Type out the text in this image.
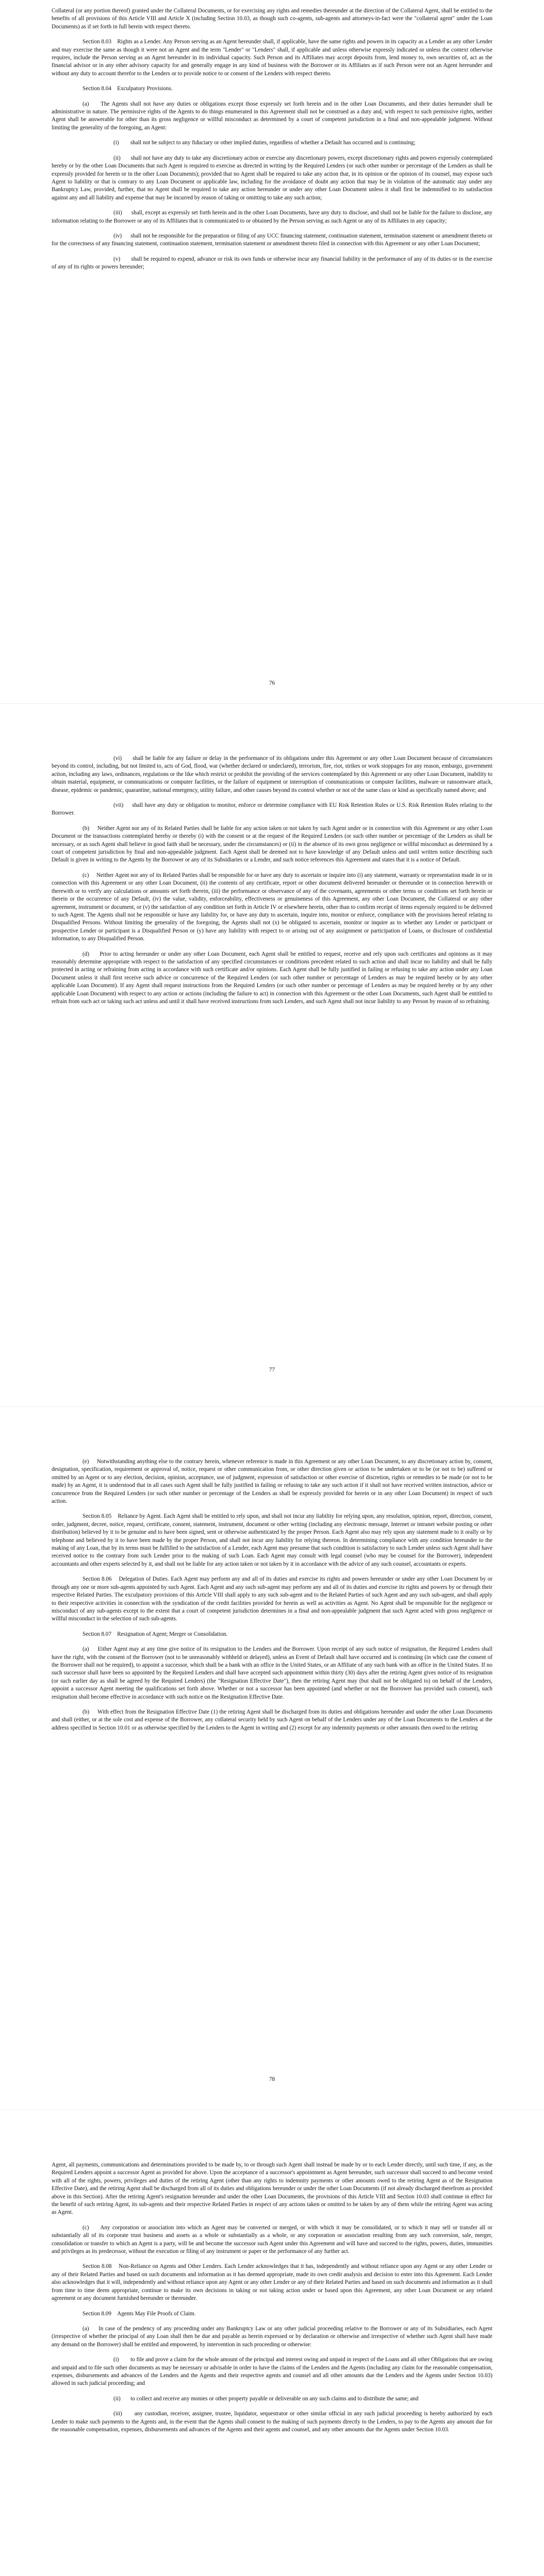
Collateral (or any portion thereof) granted under the Collateral Documents, or for exercising any rights and remedies thereunder at the direction of the Collateral Agent, shall be entitled to the benefits of all provisions of this Article VIII and Article X (including Section 10.03, as though such co-agents, sub-agents and attorneys-in-fact were the "collateral agent" under the Loan Documents) as if set forth in full herein with respect thereto.

Section 8.03    Rights as a Lender. Any Person serving as an Agent hereunder shall, if applicable, have the same rights and powers in its capacity as a Lender as any other Lender and may exercise the same as though it were not an Agent and the term "Lender" or "Lenders" shall, if applicable and unless otherwise expressly indicated or unless the context otherwise requires, include the Person serving as an Agent hereunder in its individual capacity. Such Person and its Affiliates may accept deposits from, lend money to, own securities of, act as the financial advisor or in any other advisory capacity for and generally engage in any kind of business with the Borrower or its Affiliates as if such Person were not an Agent hereunder and without any duty to account therefor to the Lenders or to provide notice to or consent of the Lenders with respect thereto.

Section 8.04    Exculpatory Provisions.

(a)     The Agents shall not have any duties or obligations except those expressly set forth herein and in the other Loan Documents, and their duties hereunder shall be administrative in nature. The permissive rights of the Agents to do things enumerated in this Agreement shall not be construed as a duty and, with respect to such permissive rights, neither Agent shall be answerable for other than its gross negligence or willful misconduct as determined by a court of competent jurisdiction in a final and non-appealable judgment. Without limiting the generality of the foregoing, an Agent:

(i)        shall not be subject to any fiduciary or other implied duties, regardless of whether a Default has occurred and is continuing;

(ii)       shall not have any duty to take any discretionary action or exercise any discretionary powers, except discretionary rights and powers expressly contemplated hereby or by the other Loan Documents that such Agent is required to exercise as directed in writing by the Required Lenders (or such other number or percentage of the Lenders as shall be expressly provided for herein or in the other Loan Documents); provided that no Agent shall be required to take any action that, in its opinion or the opinion of its counsel, may expose such Agent to liability or that is contrary to any Loan Document or applicable law, including for the avoidance of doubt any action that may be in violation of the automatic stay under any Bankruptcy Law, provided, further, that no Agent shall be required to take any action hereunder or under any other Loan Document unless it shall first be indemnified to its satisfaction against any and all liability and expense that may be incurred by reason of taking or omitting to take any such action;

(iii)      shall, except as expressly set forth herein and in the other Loan Documents, have any duty to disclose, and shall not be liable for the failure to disclose, any information relating to the Borrower or any of its Affiliates that is communicated to or obtained by the Person serving as such Agent or any of its Affiliates in any capacity;

(iv)      shall not be responsible for the preparation or filing of any UCC financing statement, continuation statement, termination statement or amendment thereto or for the correctness of any financing statement, continuation statement, termination statement or amendment thereto filed in connection with this Agreement or any other Loan Document;

(v)       shall be required to expend, advance or risk its own funds or otherwise incur any financial liability in the performance of any of its duties or in the exercise of any of its rights or powers hereunder;

76

(vi)      shall be liable for any failure or delay in the performance of its obligations under this Agreement or any other Loan Document because of circumstances beyond its control, including, but not limited to, acts of God, flood, war (whether declared or undeclared), terrorism, fire, riot, strikes or work stoppages for any reason, embargo, government action, including any laws, ordinances, regulations or the like which restrict or prohibit the providing of the services contemplated by this Agreement or any other Loan Document, inability to obtain material, equipment, or communications or computer facilities, or the failure of equipment or interruption of communications or computer facilities, malware or ransomware attack, disease, epidemic or pandemic, quarantine, national emergency, utility failure, and other causes beyond its control whether or not of the same class or kind as specifically named above; and

(vii)     shall have any duty or obligation to monitor, enforce or determine compliance with EU Risk Retention Rules or U.S. Risk Retention Rules relating to the Borrower.

(b)     Neither Agent nor any of its Related Parties shall be liable for any action taken or not taken by such Agent under or in connection with this Agreement or any other Loan Document or the transactions contemplated hereby or thereby (i) with the consent or at the request of the Required Lenders (or such other number or percentage of the Lenders as shall be necessary, or as such Agent shall believe in good faith shall be necessary, under the circumstances) or (ii) in the absence of its own gross negligence or willful misconduct as determined by a court of competent jurisdiction by final and non-appealable judgment. Each Agent shall be deemed not to have knowledge of any Default unless and until written notice describing such Default is given in writing to the Agents by the Borrower or any of its Subsidiaries or a Lender, and such notice references this Agreement and states that it is a notice of Default.

(c)     Neither Agent nor any of its Related Parties shall be responsible for or have any duty to ascertain or inquire into (i) any statement, warranty or representation made in or in connection with this Agreement or any other Loan Document, (ii) the contents of any certificate, report or other document delivered hereunder or thereunder or in connection herewith or therewith or to verify any calculations or amounts set forth therein, (iii) the performance or observance of any of the covenants, agreements or other terms or conditions set forth herein or therein or the occurrence of any Default, (iv) the value, validity, enforceability, effectiveness or genuineness of this Agreement, any other Loan Document, the Collateral or any other agreement, instrument or document, or (v) the satisfaction of any condition set forth in Article IV or elsewhere herein, other than to confirm receipt of items expressly required to be delivered to such Agent. The Agents shall not be responsible or have any liability for, or have any duty to ascertain, inquire into, monitor or enforce, compliance with the provisions hereof relating to Disqualified Persons. Without limiting the generality of the foregoing, the Agents shall not (x) be obligated to ascertain, monitor or inquire as to whether any Lender or participant or prospective Lender or participant is a Disqualified Person or (y) have any liability with respect to or arising out of any assignment or participation of Loans, or disclosure of confidential information, to any Disqualified Person.

(d)     Prior to acting hereunder or under any other Loan Document, each Agent shall be entitled to request, receive and rely upon such certificates and opinions as it may reasonably determine appropriate with respect to the satisfaction of any specified circumstances or conditions precedent related to such action and shall incur no liability and shall be fully protected in acting or refraining from acting in accordance with such certificate and/or opinions. Each Agent shall be fully justified in failing or refusing to take any action under any Loan Document unless it shall first receive such advice or concurrence of the Required Lenders (or such other number or percentage of Lenders as may be required hereby or by any other applicable Loan Document). If any Agent shall request instructions from the Required Lenders (or such other number or percentage of Lenders as may be required hereby or by any other applicable Loan Document) with respect to any action or actions (including the failure to act) in connection with this Agreement or the other Loan Documents, such Agent shall be entitled to refrain from such act or taking such act unless and until it shall have received instructions from such Lenders, and such Agent shall not incur liability to any Person by reason of so refraining.

77

(e)     Notwithstanding anything else to the contrary herein, whenever reference is made in this Agreement or any other Loan Document, to any discretionary action by, consent, designation, specification, requirement or approval of, notice, request or other communication from, or other direction given or action to be undertaken or to be (or not to be) suffered or omitted by an Agent or to any election, decision, opinion, acceptance, use of judgment, expression of satisfaction or other exercise of discretion, rights or remedies to be made (or not to be made) by an Agent, it is understood that in all cases such Agent shall be fully justified in failing or refusing to take any such action if it shall not have received written instruction, advice or concurrence from the Required Lenders (or such other number or percentage of the Lenders as shall be expressly provided for herein or in any other Loan Document) in respect of such action.

Section 8.05    Reliance by Agent. Each Agent shall be entitled to rely upon, and shall not incur any liability for relying upon, any resolution, opinion, report, direction, consent, order, judgment, decree, notice, request, certificate, consent, statement, instrument, document or other writing (including any electronic message, Internet or intranet website posting or other distribution) believed by it to be genuine and to have been signed, sent or otherwise authenticated by the proper Person. Each Agent also may rely upon any statement made to it orally or by telephone and believed by it to have been made by the proper Person, and shall not incur any liability for relying thereon. In determining compliance with any condition hereunder to the making of any Loan, that by its terms must be fulfilled to the satisfaction of a Lender, each Agent may presume that such condition is satisfactory to such Lender unless such Agent shall have received notice to the contrary from such Lender prior to the making of such Loan. Each Agent may consult with legal counsel (who may be counsel for the Borrower), independent accountants and other experts selected by it, and shall not be liable for any action taken or not taken by it in accordance with the advice of any such counsel, accountants or experts.

Section 8.06    Delegation of Duties. Each Agent may perform any and all of its duties and exercise its rights and powers hereunder or under any other Loan Document by or through any one or more sub-agents appointed by such Agent. Each Agent and any such sub-agent may perform any and all of its duties and exercise its rights and powers by or through their respective Related Parties. The exculpatory provisions of this Article VIII shall apply to any such sub-agent and to the Related Parties of such Agent and any such sub-agent, and shall apply to their respective activities in connection with the syndication of the credit facilities provided for herein as well as activities as Agent. No Agent shall be responsible for the negligence or misconduct of any sub-agents except to the extent that a court of competent jurisdiction determines in a final and non-appealable judgment that such Agent acted with gross negligence or willful misconduct in the selection of such sub-agents.

Section 8.07    Resignation of Agent; Merger or Consolidation.

(a)     Either Agent may at any time give notice of its resignation to the Lenders and the Borrower. Upon receipt of any such notice of resignation, the Required Lenders shall have the right, with the consent of the Borrower (not to be unreasonably withheld or delayed), unless an Event of Default shall have occurred and is continuing (in which case the consent of the Borrower shall not be required), to appoint a successor, which shall be a bank with an office in the United States, or an Affiliate of any such bank with an office in the United States. If no such successor shall have been so appointed by the Required Lenders and shall have accepted such appointment within thirty (30) days after the retiring Agent gives notice of its resignation (or such earlier day as shall be agreed by the Required Lenders) (the "Resignation Effective Date"), then the retiring Agent may (but shall not be obligated to) on behalf of the Lenders, appoint a successor Agent meeting the qualifications set forth above. Whether or not a successor has been appointed (and whether or not the Borrower has provided such consent), such resignation shall become effective in accordance with such notice on the Resignation Effective Date.

(b)     With effect from the Resignation Effective Date (1) the retiring Agent shall be discharged from its duties and obligations hereunder and under the other Loan Documents and shall (either, or at the sole cost and expense of the Borrower, any collateral security held by such Agent on behalf of the Lenders under any of the Loan Documents to the Lenders at the address specified in Section 10.01 or as otherwise specified by the Lenders to the Agent in writing and (2) except for any indemnity payments or other amounts then owed to the retiring

78

Agent, all payments, communications and determinations provided to be made by, to or through such Agent shall instead be made by or to each Lender directly, until such time, if any, as the Required Lenders appoint a successor Agent as provided for above. Upon the acceptance of a successor's appointment as Agent hereunder, such successor shall succeed to and become vested with all of the rights, powers, privileges and duties of the retiring Agent (other than any rights to indemnity payments or other amounts owed to the retiring Agent as of the Resignation Effective Date), and the retiring Agent shall be discharged from all of its duties and obligations hereunder or under the other Loan Documents (if not already discharged therefrom as provided above in this Section). After the retiring Agent's resignation hereunder and under the other Loan Documents, the provisions of this Article VIII and Section 10.03 shall continue in effect for the benefit of such retiring Agent, its sub-agents and their respective Related Parties in respect of any actions taken or omitted to be taken by any of them while the retiring Agent was acting as Agent.

(c)     Any corporation or association into which an Agent may be converted or merged, or with which it may be consolidated, or to which it may sell or transfer all or substantially all of its corporate trust business and assets as a whole or substantially as a whole, or any corporation or association resulting from any such conversion, sale, merger, consolidation or transfer to which an Agent is a party, will be and become the successor such Agent under this Agreement and will have and succeed to the rights, powers, duties, immunities and privileges as its predecessor, without the execution or filing of any instrument or paper or the performance of any further act.

Section 8.08    Non-Reliance on Agents and Other Lenders. Each Lender acknowledges that it has, independently and without reliance upon any Agent or any other Lender or any of their Related Parties and based on such documents and information as it has deemed appropriate, made its own credit analysis and decision to enter into this Agreement. Each Lender also acknowledges that it will, independently and without reliance upon any Agent or any other Lender or any of their Related Parties and based on such documents and information as it shall from time to time deem appropriate, continue to make its own decisions in taking or not taking action under or based upon this Agreement, any other Loan Document or any related agreement or any document furnished hereunder or thereunder.

Section 8.09    Agents May File Proofs of Claim.

(a)     In case of the pendency of any proceeding under any Bankruptcy Law or any other judicial proceeding relative to the Borrower or any of its Subsidiaries, each Agent (irrespective of whether the principal of any Loan shall then be due and payable as herein expressed or by declaration or otherwise and irrespective of whether such Agent shall have made any demand on the Borrower) shall be entitled and empowered, by intervention in such proceeding or otherwise:

(i)        to file and prove a claim for the whole amount of the principal and interest owing and unpaid in respect of the Loans and all other Obligations that are owing and unpaid and to file such other documents as may be necessary or advisable in order to have the claims of the Lenders and the Agents (including any claim for the reasonable compensation, expenses, disbursements and advances of the Lenders and the Agents and their respective agents and counsel and all other amounts due the Lenders and the Agents under Section 10.03) allowed in such judicial proceeding; and

(ii)       to collect and receive any monies or other property payable or deliverable on any such claims and to distribute the same; and

(iii)      any custodian, receiver, assignee, trustee, liquidator, sequestrator or other similar official in any such judicial proceeding is hereby authorized by each Lender to make such payments to the Agents and, in the event that the Agents shall consent to the making of such payments directly to the Lenders, to pay to the Agents any amount due for the reasonable compensation, expenses, disbursements and advances of the Agents and their agents and counsel, and any other amounts due the Agents under Section 10.03.
